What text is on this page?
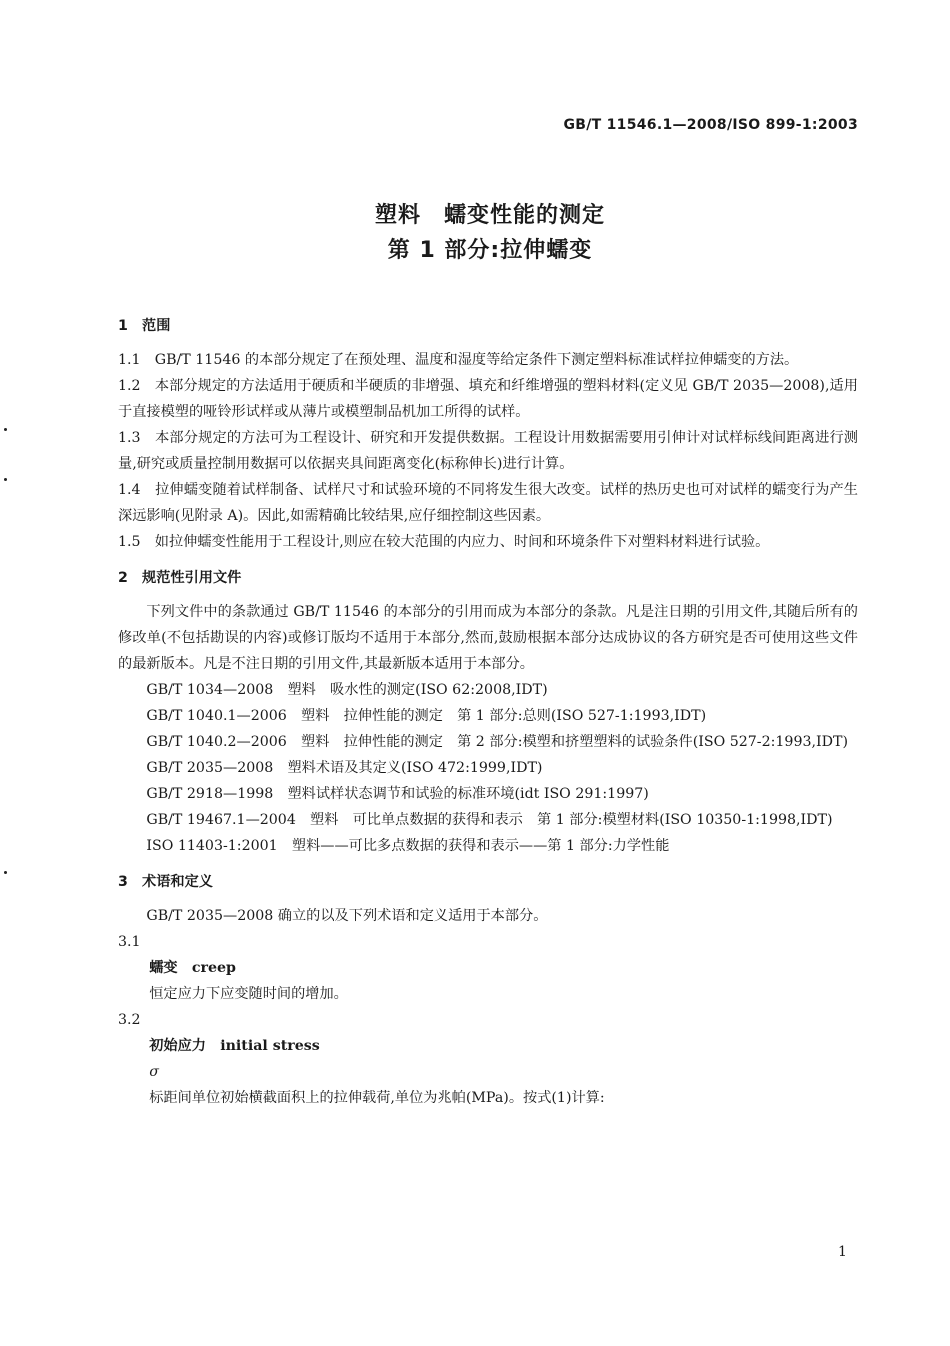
GB/T 11546.1—2008/ISO 899-1:2003
塑料　蠕变性能的测定
第 1 部分:拉伸蠕变

1　范围

1.1　GB/T 11546 的本部分规定了在预处理、温度和湿度等给定条件下测定塑料标准试样拉伸蠕变的方法。

1.2　本部分规定的方法适用于硬质和半硬质的非增强、填充和纤维增强的塑料材料(定义见 GB/T 2035—2008),适用于直接模塑的哑铃形试样或从薄片或模塑制品机加工所得的试样。

1.3　本部分规定的方法可为工程设计、研究和开发提供数据。工程设计用数据需要用引伸计对试样标线间距离进行测量,研究或质量控制用数据可以依据夹具间距离变化(标称伸长)进行计算。

1.4　拉伸蠕变随着试样制备、试样尺寸和试验环境的不同将发生很大改变。试样的热历史也可对试样的蠕变行为产生深远影响(见附录 A)。因此,如需精确比较结果,应仔细控制这些因素。

1.5　如拉伸蠕变性能用于工程设计,则应在较大范围的内应力、时间和环境条件下对塑料材料进行试验。

2　规范性引用文件

下列文件中的条款通过 GB/T 11546 的本部分的引用而成为本部分的条款。凡是注日期的引用文件,其随后所有的修改单(不包括勘误的内容)或修订版均不适用于本部分,然而,鼓励根据本部分达成协议的各方研究是否可使用这些文件的最新版本。凡是不注日期的引用文件,其最新版本适用于本部分。

GB/T 1034—2008　塑料　吸水性的测定(ISO 62:2008,IDT)

GB/T 1040.1—2006　塑料　拉伸性能的测定　第 1 部分:总则(ISO 527-1:1993,IDT)

GB/T 1040.2—2006　塑料　拉伸性能的测定　第 2 部分:模塑和挤塑塑料的试验条件(ISO 527-2:1993,IDT)

GB/T 2035—2008　塑料术语及其定义(ISO 472:1999,IDT)

GB/T 2918—1998　塑料试样状态调节和试验的标准环境(idt ISO 291:1997)

GB/T 19467.1—2004　塑料　可比单点数据的获得和表示　第 1 部分:模塑材料(ISO 10350-1:1998,IDT)

ISO 11403-1:2001　塑料——可比多点数据的获得和表示——第 1 部分:力学性能

3　术语和定义

GB/T 2035—2008 确立的以及下列术语和定义适用于本部分。

3.1

蠕变　 creep

恒定应力下应变随时间的增加。

3.2

初始应力　 initial stress

σ

标距间单位初始横截面积上的拉伸载荷,单位为兆帕(MPa)。按式(1)计算:

1
